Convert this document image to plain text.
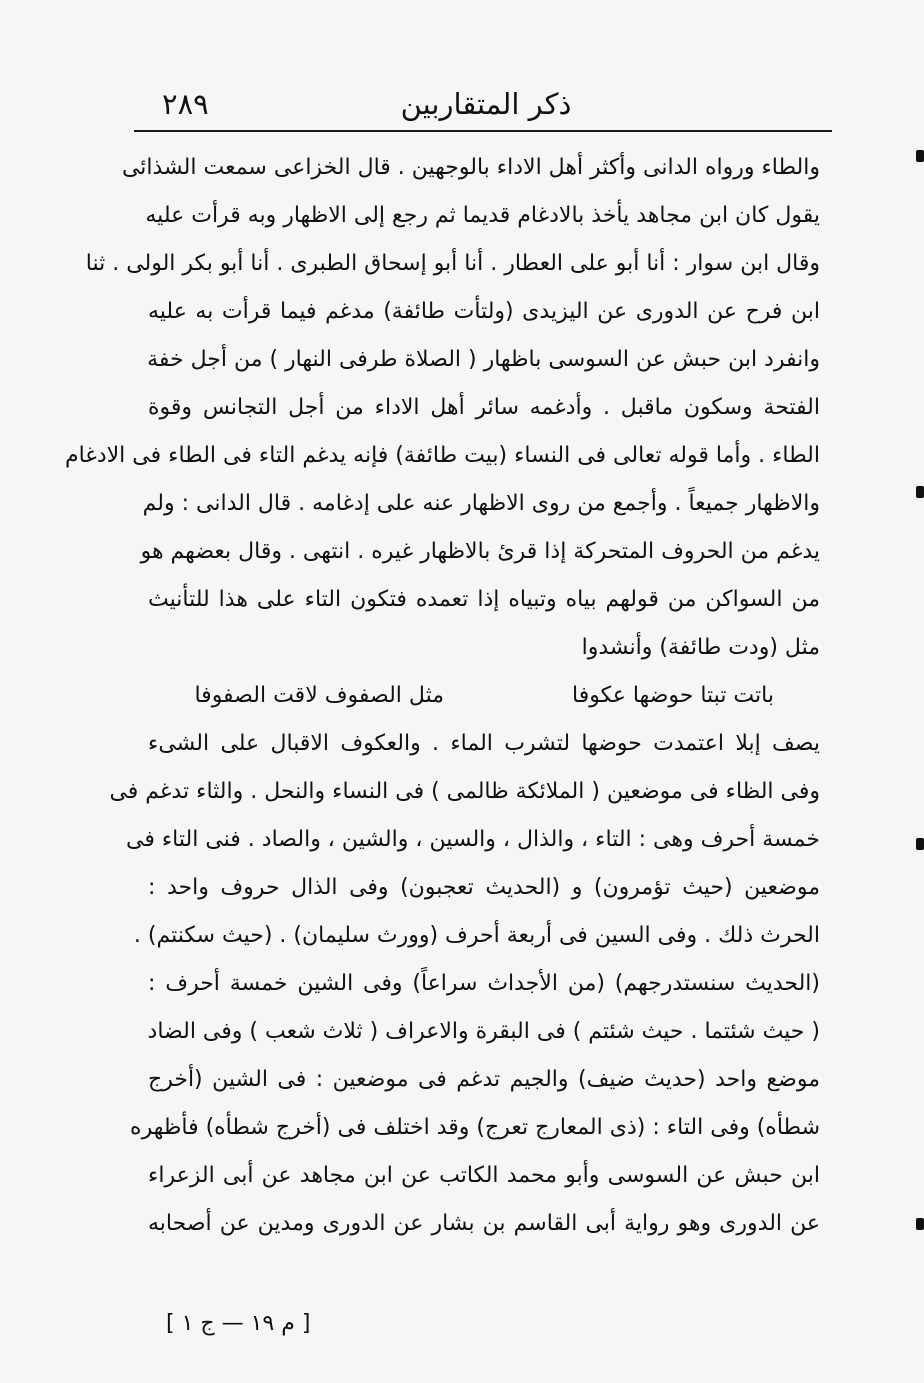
ذكر المتقاربين
٢٨٩
والطاء ورواه الدانى وأكثر أهل الاداء بالوجهين . قال الخزاعى سمعت الشذائى
يقول كان ابن مجاهد يأخذ بالادغام قديما ثم رجع إلى الاظهار وبه قرأت عليه
وقال ابن سوار : أنا أبو على العطار . أنا أبو إسحاق الطبرى . أنا أبو بكر الولى . ثنا
ابن فرح عن الدورى عن اليزيدى (ولتأت طائفة) مدغم فيما قرأت به عليه
وانفرد ابن حبش عن السوسى باظهار ( الصلاة طرفى النهار ) من أجل خفة
الفتحة وسكون ماقبل . وأدغمه سائر أهل الاداء من أجل التجانس وقوة
الطاء . وأما قوله تعالى فى النساء (بيت طائفة) فإنه يدغم التاء فى الطاء فى الادغام
والاظهار جميعاً . وأجمع من روى الاظهار عنه على إدغامه . قال الدانى : ولم
يدغم من الحروف المتحركة إذا قرئ بالاظهار غيره . انتهى . وقال بعضهم هو
من السواكن من قولهم بياه وتبياه إذا تعمده فتكون التاء على هذا للتأنيث
مثل (ودت طائفة) وأنشدوا
باتت تبتا حوضها عكوفا
مثل الصفوف لاقت الصفوفا
يصف إبلا اعتمدت حوضها لتشرب الماء . والعكوف الاقبال على الشىء
وفى الظاء فى موضعين ( الملائكة ظالمى ) فى النساء والنحل . والثاء تدغم فى
خمسة أحرف وهى : التاء ، والذال ، والسين ، والشين ، والصاد . فنى التاء فى
موضعين (حيث تؤمرون) و (الحديث تعجبون) وفى الذال حروف واحد :
الحرث ذلك . وفى السين فى أربعة أحرف (وورث سليمان) . (حيث سكنتم) .
(الحديث سنستدرجهم) (من الأجداث سراعاً) وفى الشين خمسة أحرف :
( حيث شئتما . حيث شئتم ) فى البقرة والاعراف ( ثلاث شعب ) وفى الضاد
موضع واحد (حديث ضيف) والجيم تدغم فى موضعين : فى الشين (أخرج
شطأه) وفى التاء : (ذى المعارج تعرج) وقد اختلف فى (أخرج شطأه) فأظهره
ابن حبش عن السوسى وأبو محمد الكاتب عن ابن مجاهد عن أبى الزعراء
عن الدورى وهو رواية أبى القاسم بن بشار عن الدورى ومدين عن أصحابه
[ م ١٩ — ج ١ ]
